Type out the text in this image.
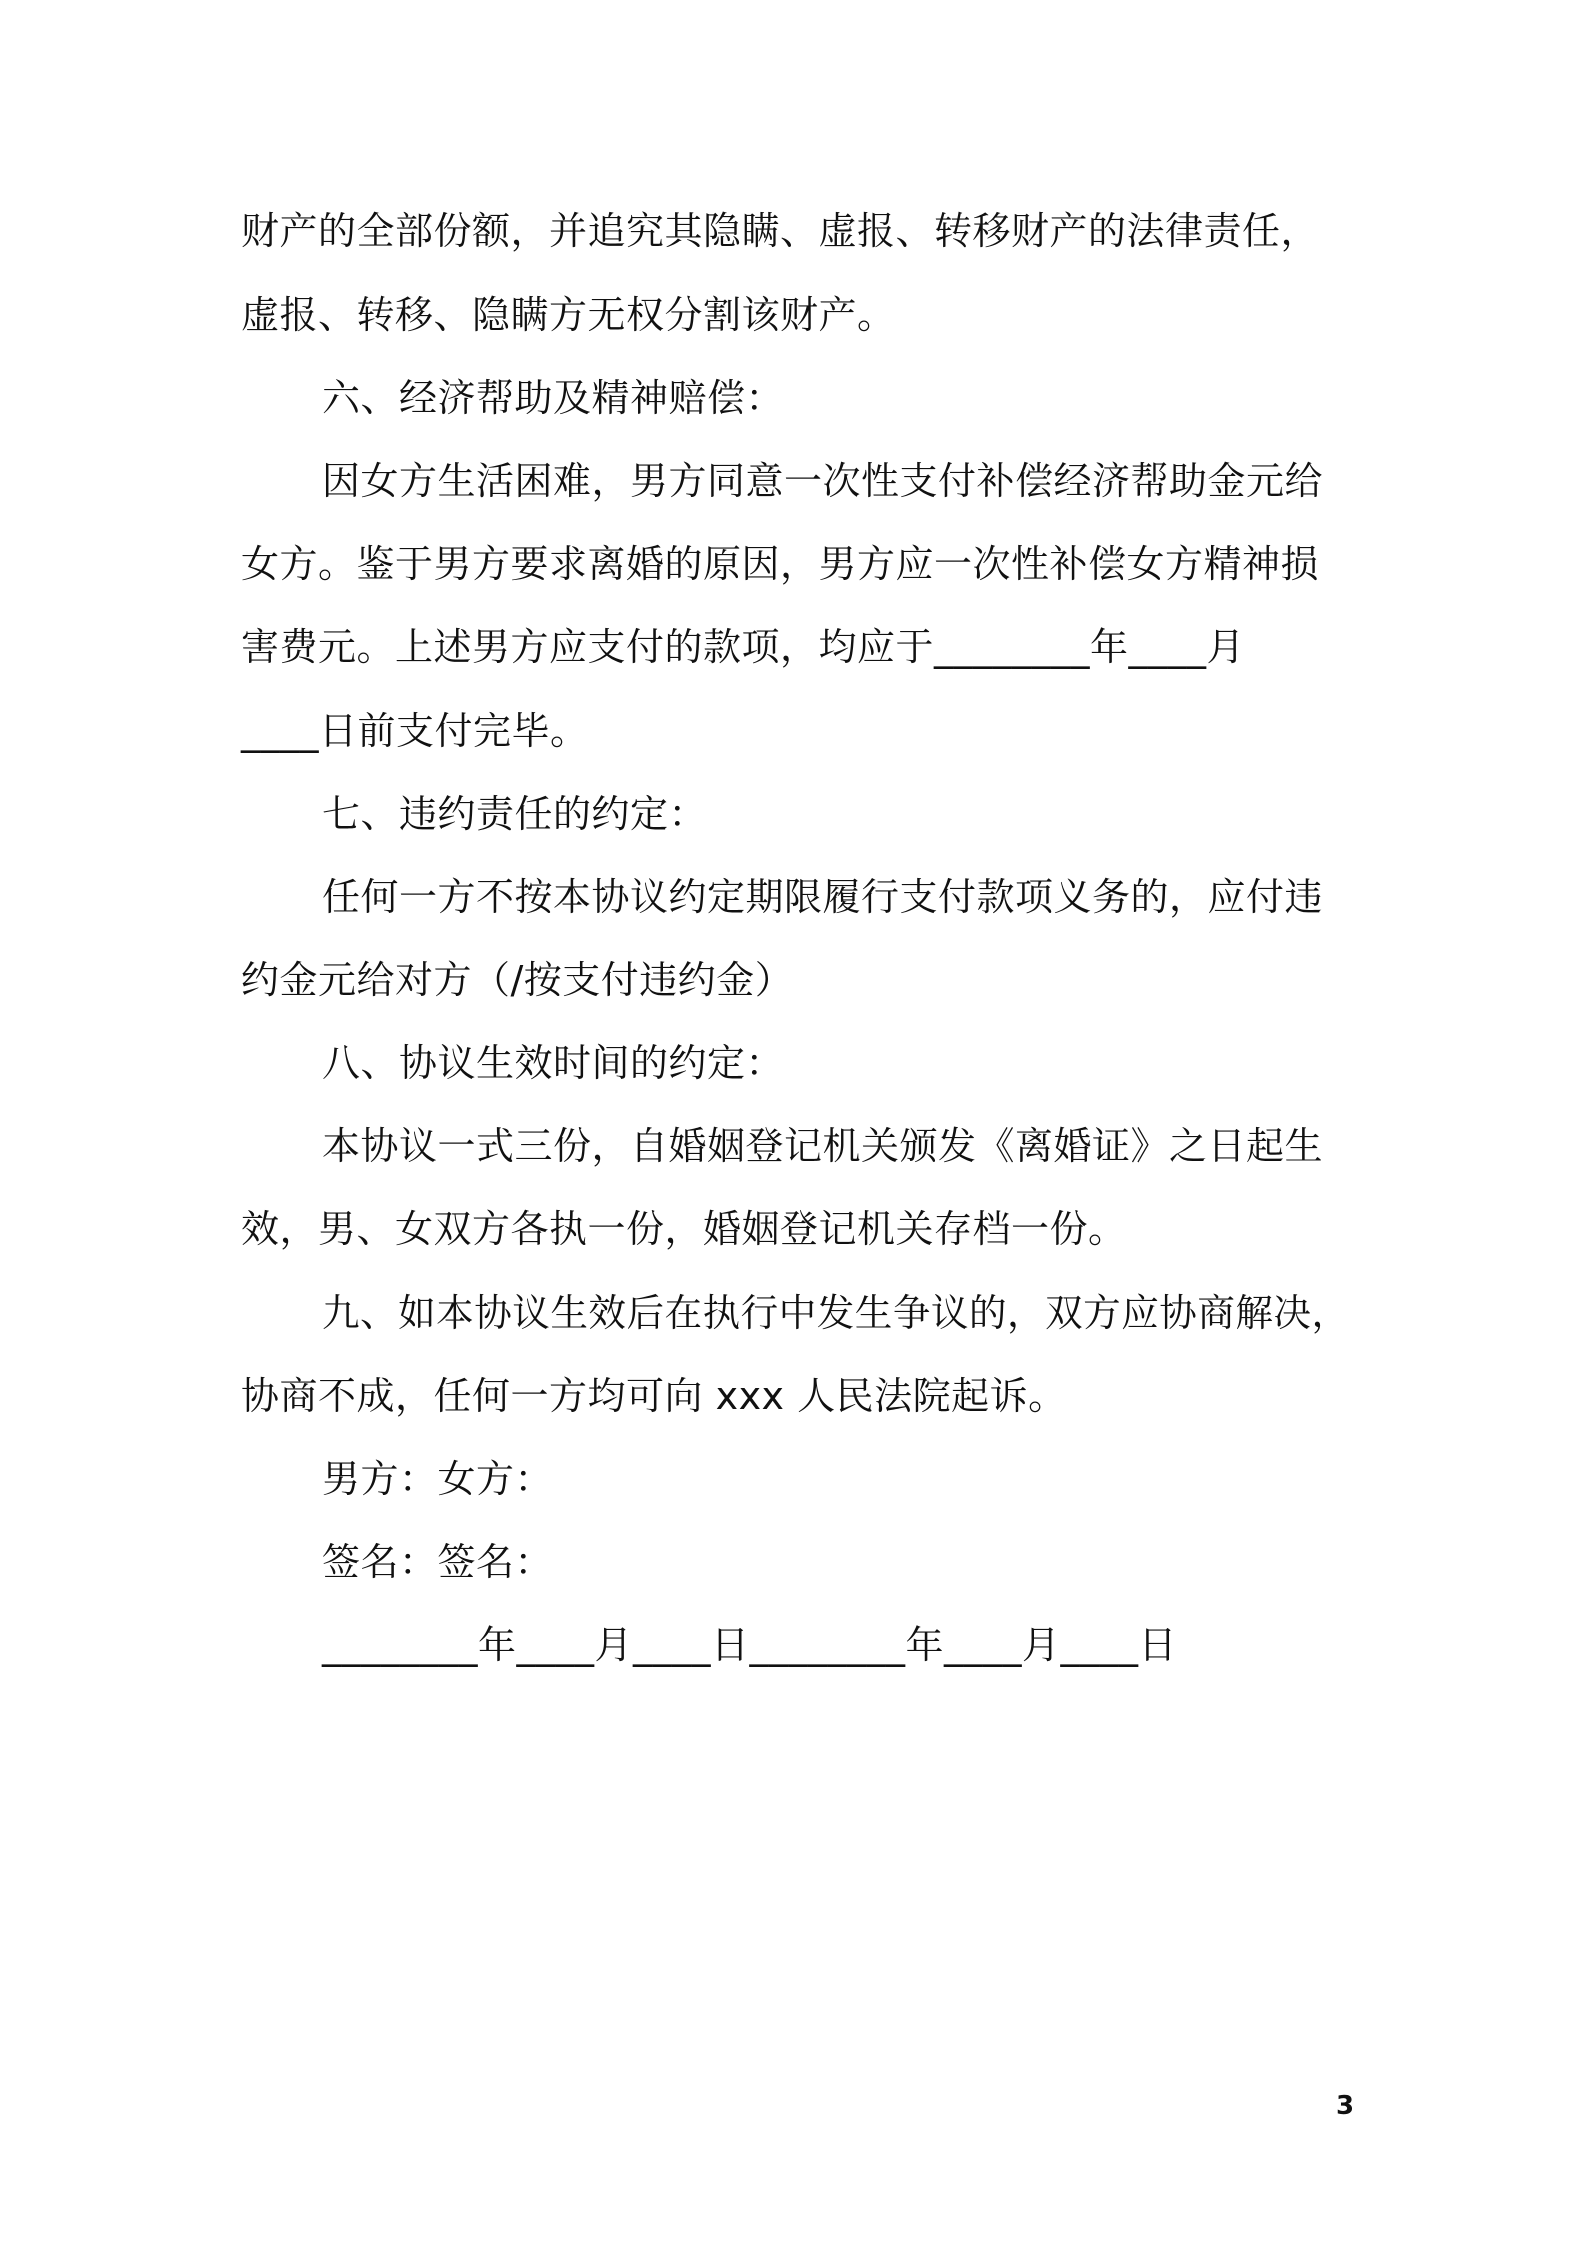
财产的全部份额，并追究其隐瞒、虚报、转移财产的法律责任，
虚报、转移、隐瞒方无权分割该财产。
六、经济帮助及精神赔偿：
因女方生活困难，男方同意一次性支付补偿经济帮助金元给
女方。鉴于男方要求离婚的原因，男方应一次性补偿女方精神损
害费元。上述男方应支付的款项，均应于________年____月
____日前支付完毕。
七、违约责任的约定：
任何一方不按本协议约定期限履行支付款项义务的，应付违
约金元给对方（/按支付违约金）
八、协议生效时间的约定：
本协议一式三份，自婚姻登记机关颁发《离婚证》之日起生
效，男、女双方各执一份，婚姻登记机关存档一份。
九、如本协议生效后在执行中发生争议的，双方应协商解决，
协商不成，任何一方均可向 xxx 人民法院起诉。
男方：女方：
签名：签名：
________年____月____日________年____月____日
3
